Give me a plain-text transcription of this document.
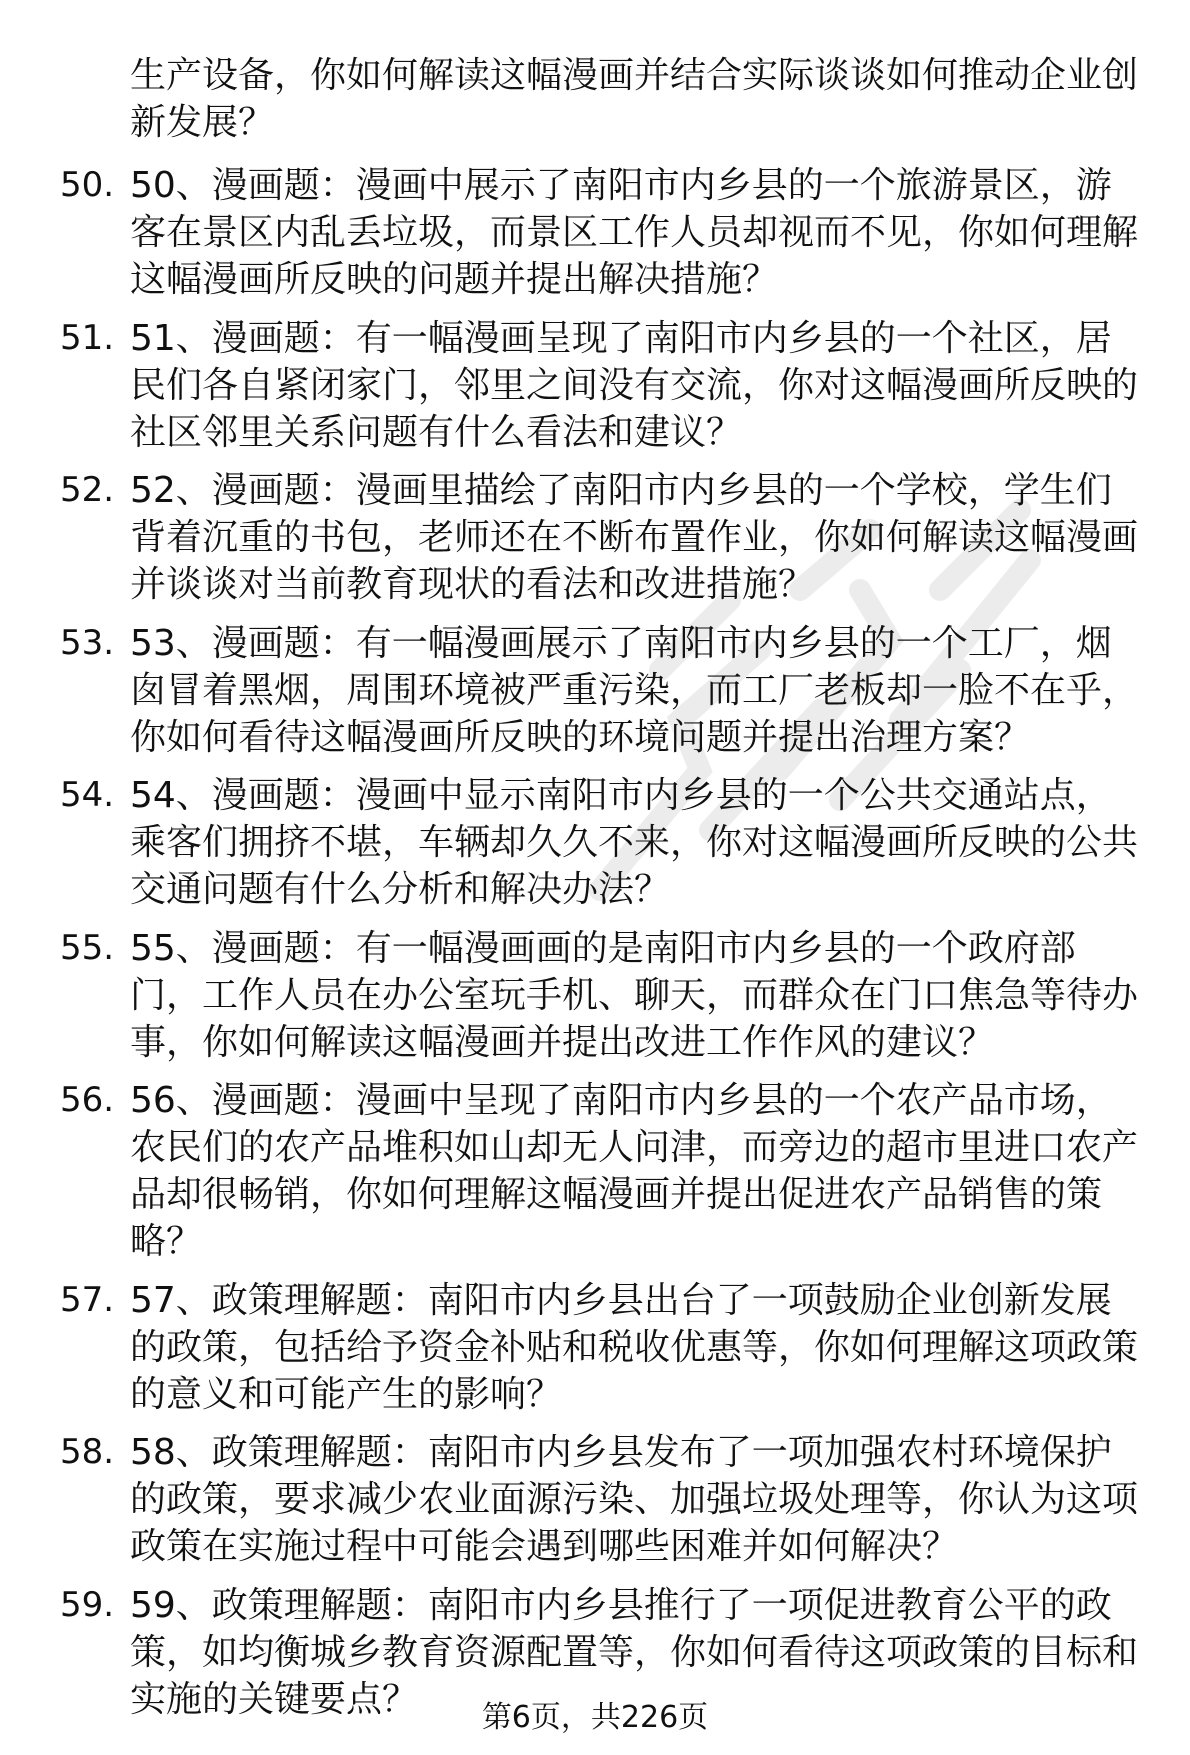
生产设备，你如何解读这幅漫画并结合实际谈谈如何推动企业创新发展？

50. 50、漫画题：漫画中展示了南阳市内乡县的一个旅游景区，游客在景区内乱丢垃圾，而景区工作人员却视而不见，你如何理解这幅漫画所反映的问题并提出解决措施？
51. 51、漫画题：有一幅漫画呈现了南阳市内乡县的一个社区，居民们各自紧闭家门，邻里之间没有交流，你对这幅漫画所反映的社区邻里关系问题有什么看法和建议？
52. 52、漫画题：漫画里描绘了南阳市内乡县的一个学校，学生们背着沉重的书包，老师还在不断布置作业，你如何解读这幅漫画并谈谈对当前教育现状的看法和改进措施？
53. 53、漫画题：有一幅漫画展示了南阳市内乡县的一个工厂，烟囱冒着黑烟，周围环境被严重污染，而工厂老板却一脸不在乎，你如何看待这幅漫画所反映的环境问题并提出治理方案？
54. 54、漫画题：漫画中显示南阳市内乡县的一个公共交通站点，乘客们拥挤不堪，车辆却久久不来，你对这幅漫画所反映的公共交通问题有什么分析和解决办法？
55. 55、漫画题：有一幅漫画画的是南阳市内乡县的一个政府部门，工作人员在办公室玩手机、聊天，而群众在门口焦急等待办事，你如何解读这幅漫画并提出改进工作作风的建议？
56. 56、漫画题：漫画中呈现了南阳市内乡县的一个农产品市场，农民们的农产品堆积如山却无人问津，而旁边的超市里进口农产品却很畅销，你如何理解这幅漫画并提出促进农产品销售的策略？
57. 57、政策理解题：南阳市内乡县出台了一项鼓励企业创新发展的政策，包括给予资金补贴和税收优惠等，你如何理解这项政策的意义和可能产生的影响？
58. 58、政策理解题：南阳市内乡县发布了一项加强农村环境保护的政策，要求减少农业面源污染、加强垃圾处理等，你认为这项政策在实施过程中可能会遇到哪些困难并如何解决？
59. 59、政策理解题：南阳市内乡县推行了一项促进教育公平的政策，如均衡城乡教育资源配置等，你如何看待这项政策的目标和实施的关键要点？	第6页，共226页
